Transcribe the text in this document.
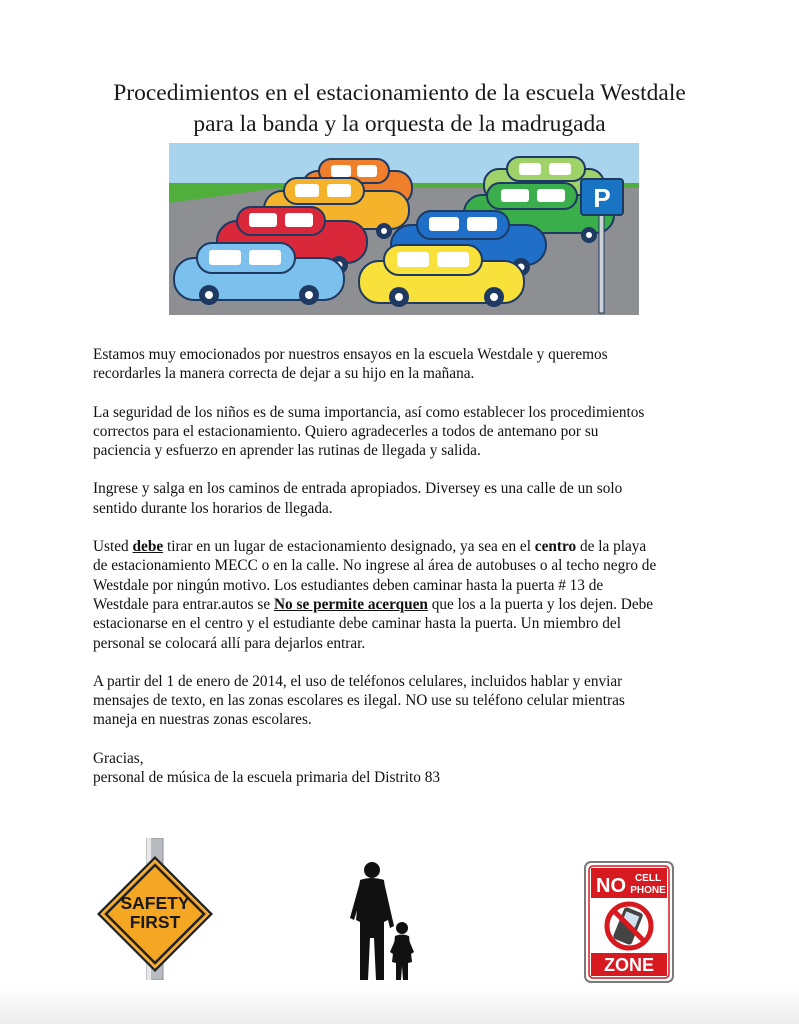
Procedimientos en el estacionamiento de la escuela Westdale
para la banda y la orquesta de la madrugada
P

Estamos muy emocionados por nuestros ensayos en la escuela Westdale y queremos
recordarles la manera correcta de dejar a su hijo en la mañana.

La seguridad de los niños es de suma importancia, así como establecer los procedimientos
correctos para el estacionamiento. Quiero agradecerles a todos de antemano por su
paciencia y esfuerzo en aprender las rutinas de llegada y salida.

Ingrese y salga en los caminos de entrada apropiados. Diversey es una calle de un solo
sentido durante los horarios de llegada.

Usted debe tirar en un lugar de estacionamiento designado, ya sea en el centro de la playa
de estacionamiento MECC o en la calle. No ingrese al área de autobuses o al techo negro de
Westdale por ningún motivo. Los estudiantes deben caminar hasta la puerta # 13 de
Westdale para entrar.autos se No se permite acerquen que los a la puerta y los dejen. Debe
estacionarse en el centro y el estudiante debe caminar hasta la puerta. Un miembro del
personal se colocará allí para dejarlos entrar.

A partir del 1 de enero de 2014, el uso de teléfonos celulares, incluidos hablar y enviar
mensajes de texto, en las zonas escolares es ilegal. NO use su teléfono celular mientras
maneja en nuestras zonas escolares.

Gracias,
personal de música de la escuela primaria del Distrito 83

SAFETY
FIRST
NO CELL
PHONE
ZONE
